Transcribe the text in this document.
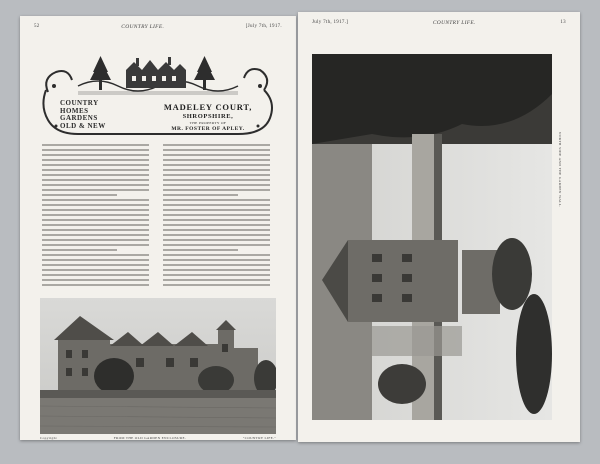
52	COUNTRY LIFE.	[July 7th, 1917.
COUNTRY
HOMES
GARDENS
OLD & NEW
MADELEY COURT,
SHROPSHIRE,
THE PROPERTY OF
MR. FOSTER OF APLEY.
Copyright	FROM THE OLD GARDEN ENCLOSURE.	"COUNTRY LIFE."
July 7th, 1917.]	COUNTRY LIFE.	13
NORTH SIDE AND THE GARDEN WALL.
